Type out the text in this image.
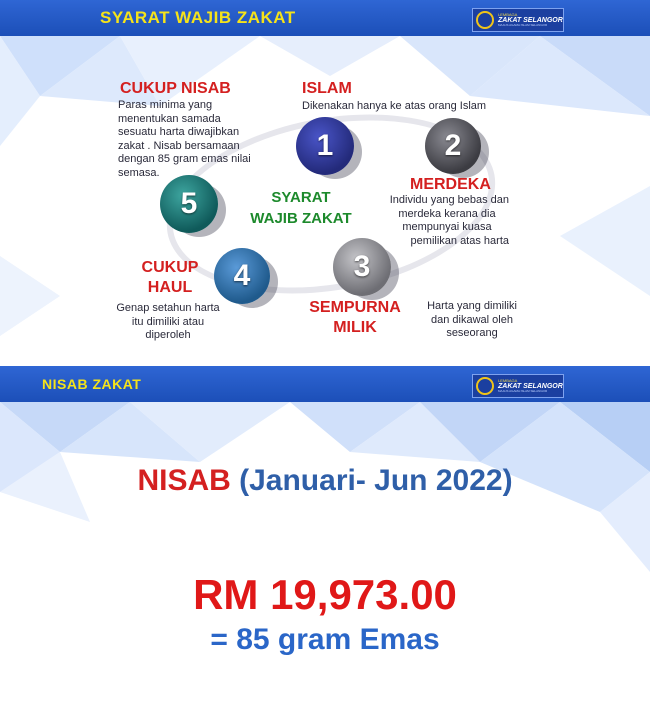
SYARAT WAJIB ZAKAT	LEMBAGA
ZAKAT SELANGOR
MAJLIS AGAMA ISLAM SELANGOR
1	2
3
4
5	SYARAT
WAJIB ZAKAT
ISLAM
Dikenakan hanya ke atas orang Islam
MERDEKA
Individu yang bebas dan
merdeka kerana dia
mempunyai kuasa
pemilikan atas harta
SEMPURNA
MILIK
Harta yang dimiliki
dan dikawal oleh
seseorang
CUKUP
HAUL
Genap setahun harta
itu dimiliki atau
diperoleh
CUKUP NISAB
Paras minima yang
menentukan samada
sesuatu harta diwajibkan
zakat . Nisab bersamaan
dengan 85 gram emas nilai
semasa.
NISAB ZAKAT	LEMBAGA
ZAKAT SELANGOR
MAJLIS AGAMA ISLAM SELANGOR
NISAB (Januari- Jun 2022)
RM 19,973.00
= 85 gram Emas
